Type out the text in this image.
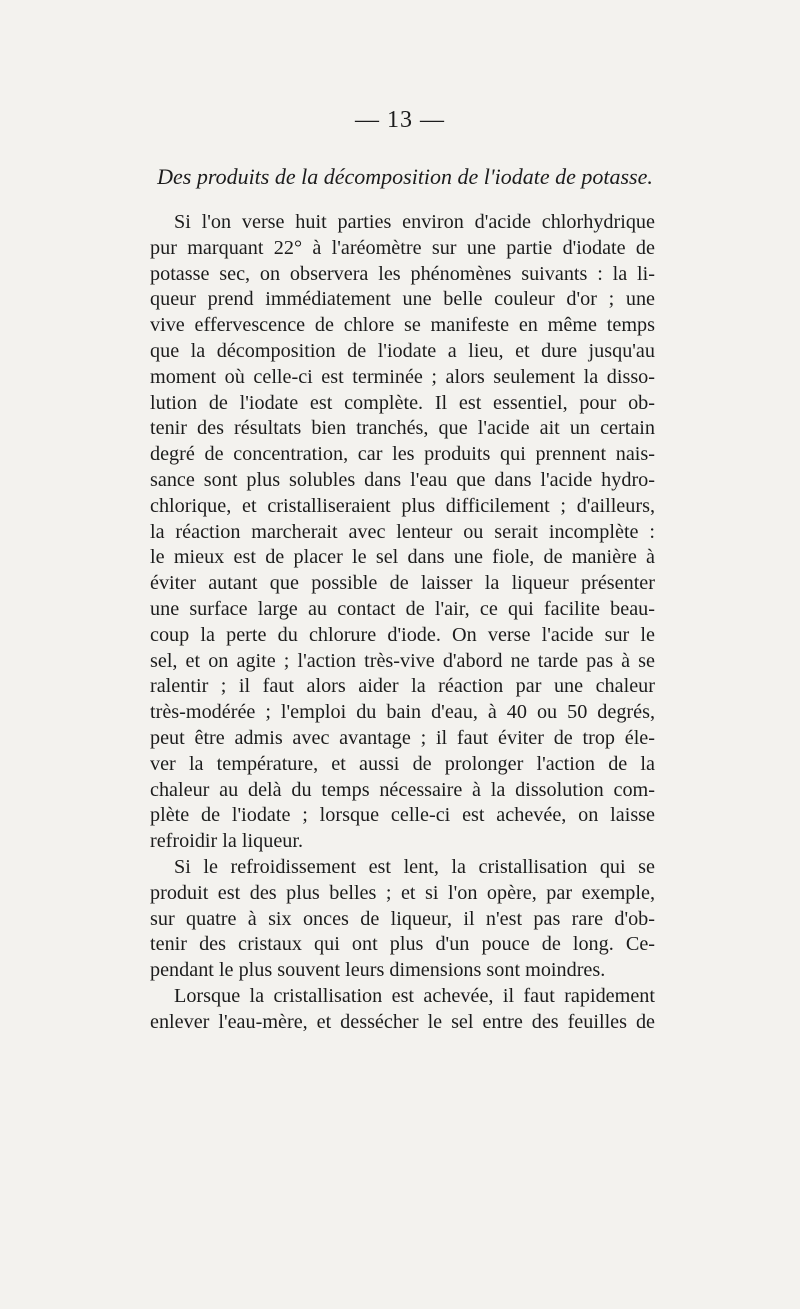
— 13 —
Des produits de la décomposition de l'iodate de potasse.
Si l'on verse huit parties environ d'acide chlorhydrique
pur marquant 22° à l'aréomètre sur une partie d'iodate de
potasse sec, on observera les phénomènes suivants : la li-
queur prend immédiatement une belle couleur d'or ; une
vive effervescence de chlore se manifeste en même temps
que la décomposition de l'iodate a lieu, et dure jusqu'au
moment où celle-ci est terminée ; alors seulement la disso-
lution de l'iodate est complète. Il est essentiel, pour ob-
tenir des résultats bien tranchés, que l'acide ait un certain
degré de concentration, car les produits qui prennent nais-
sance sont plus solubles dans l'eau que dans l'acide hydro-
chlorique, et cristalliseraient plus difficilement ; d'ailleurs,
la réaction marcherait avec lenteur ou serait incomplète :
le mieux est de placer le sel dans une fiole, de manière à
éviter autant que possible de laisser la liqueur présenter
une surface large au contact de l'air, ce qui facilite beau-
coup la perte du chlorure d'iode. On verse l'acide sur le
sel, et on agite ; l'action très-vive d'abord ne tarde pas à se
ralentir ; il faut alors aider la réaction par une chaleur
très-modérée ; l'emploi du bain d'eau, à 40 ou 50 degrés,
peut être admis avec avantage ; il faut éviter de trop éle-
ver la température, et aussi de prolonger l'action de la
chaleur au delà du temps nécessaire à la dissolution com-
plète de l'iodate ; lorsque celle-ci est achevée, on laisse
refroidir la liqueur.
Si le refroidissement est lent, la cristallisation qui se
produit est des plus belles ; et si l'on opère, par exemple,
sur quatre à six onces de liqueur, il n'est pas rare d'ob-
tenir des cristaux qui ont plus d'un pouce de long. Ce-
pendant le plus souvent leurs dimensions sont moindres.
Lorsque la cristallisation est achevée, il faut rapidement
enlever l'eau-mère, et dessécher le sel entre des feuilles de
